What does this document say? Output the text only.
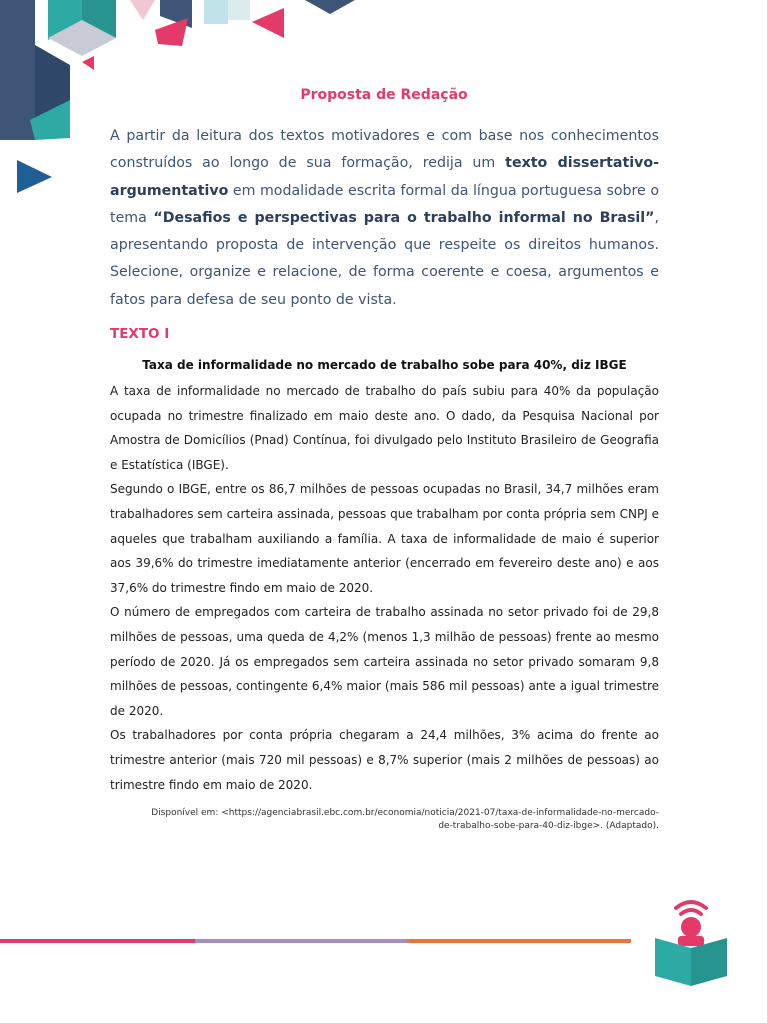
Proposta de Redação
A partir da leitura dos textos motivadores e com base nos conhecimentos construídos ao longo de sua formação, redija um texto dissertativo-argumentativo em modalidade escrita formal da língua portuguesa sobre o tema “Desafios e perspectivas para o trabalho informal no Brasil”, apresentando proposta de intervenção que respeite os direitos humanos. Selecione, organize e relacione, de forma coerente e coesa, argumentos e fatos para defesa de seu ponto de vista.
TEXTO I
Taxa de informalidade no mercado de trabalho sobe para 40%, diz IBGE

A taxa de informalidade no mercado de trabalho do país subiu para 40% da população ocupada no trimestre finalizado em maio deste ano. O dado, da Pesquisa Nacional por Amostra de Domicílios (Pnad) Contínua, foi divulgado pelo Instituto Brasileiro de Geografia e Estatística (IBGE).

Segundo o IBGE, entre os 86,7 milhões de pessoas ocupadas no Brasil, 34,7 milhões eram trabalhadores sem carteira assinada, pessoas que trabalham por conta própria sem CNPJ e aqueles que trabalham auxiliando a família. A taxa de informalidade de maio é superior aos 39,6% do trimestre imediatamente anterior (encerrado em fevereiro deste ano) e aos 37,6% do trimestre findo em maio de 2020.

O número de empregados com carteira de trabalho assinada no setor privado foi de 29,8 milhões de pessoas, uma queda de 4,2% (menos 1,3 milhão de pessoas) frente ao mesmo período de 2020. Já os empregados sem carteira assinada no setor privado somaram 9,8 milhões de pessoas, contingente 6,4% maior (mais 586 mil pessoas) ante a igual trimestre de 2020.

Os trabalhadores por conta própria chegaram a 24,4 milhões, 3% acima do frente ao trimestre anterior (mais 720 mil pessoas) e 8,7% superior (mais 2 milhões de pessoas) ao trimestre findo em maio de 2020.

Disponível em: <https://agenciabrasil.ebc.com.br/economia/noticia/2021-07/taxa-de-informalidade-no-mercado-
de-trabalho-sobe-para-40-diz-ibge>. (Adaptado).
